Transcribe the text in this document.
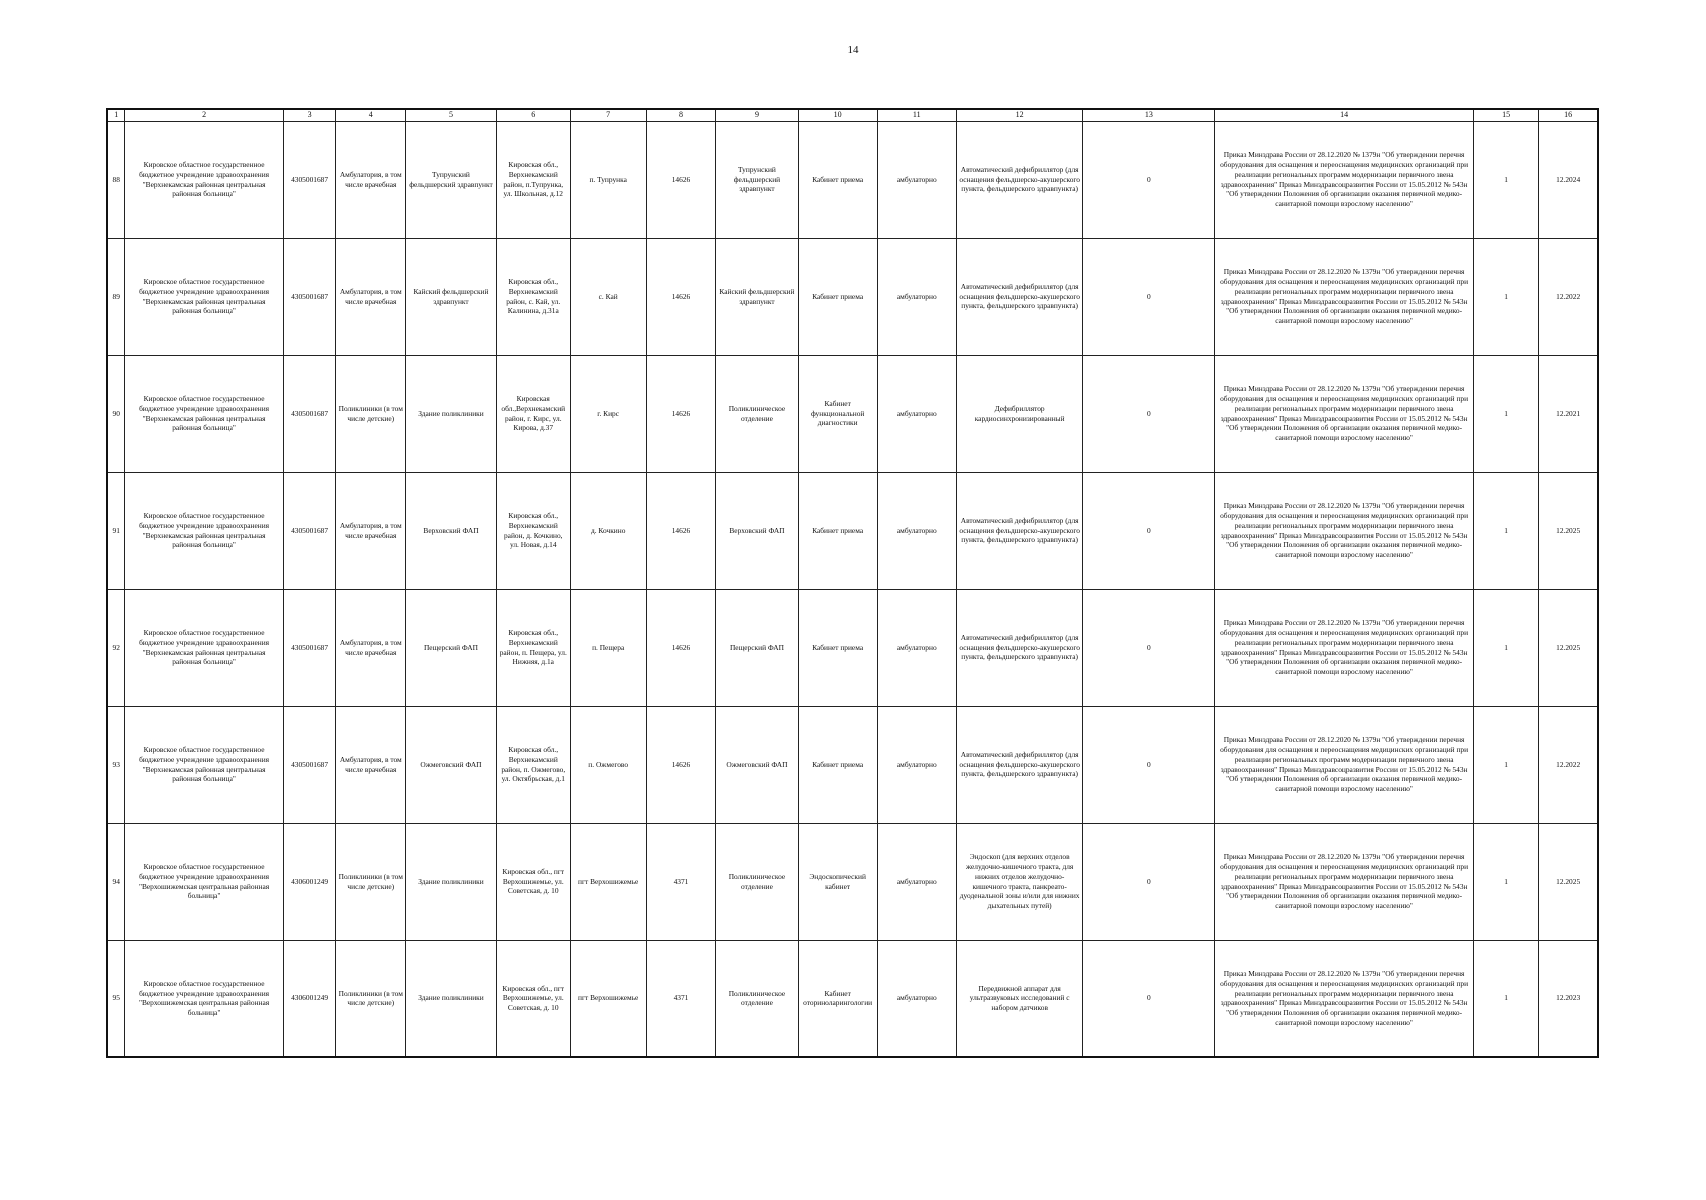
14
1	2	3	4	5	6	7	8	9	10	11	12	13	14	15	16
88	Кировское областное государственное бюджетное учреждение здравоохранения "Верхнекамская районная центральная районная больница"	4305001687	Амбулатория, в том числе врачебная	Тупрунский фельдшерский здравпункт	Кировская обл., Верхнекамский район, п.Тупрунка, ул. Школьная, д.12	п. Тупрунка	14626	Тупрунский фельдшерский здравпункт	Кабинет приема	амбулаторно	Автоматический дефибриллятор (для оснащения фельдшерско-акушерского пункта, фельдшерского здравпункта)	0	Приказ Минздрава России от 28.12.2020 № 1379н "Об утверждении перечня оборудования для оснащения и переоснащения медицинских организаций при реализации региональных программ модернизации первичного звена здравоохранения" Приказ Минздравсоцразвития России от 15.05.2012 № 543н "Об утверждении Положения об организации оказания первичной медико-санитарной помощи взрослому населению"	1	12.2024
89	Кировское областное государственное бюджетное учреждение здравоохранения "Верхнекамская районная центральная районная больница"	4305001687	Амбулатория, в том числе врачебная	Кайский фельдшерский здравпункт	Кировская обл., Верхнекамский район, с. Кай, ул. Калинина, д.31а	с. Кай	14626	Кайский фельдшерский здравпункт	Кабинет приема	амбулаторно	Автоматический дефибриллятор (для оснащения фельдшерско-акушерского пункта, фельдшерского здравпункта)	0	Приказ Минздрава России от 28.12.2020 № 1379н "Об утверждении перечня оборудования для оснащения и переоснащения медицинских организаций при реализации региональных программ модернизации первичного звена здравоохранения" Приказ Минздравсоцразвития России от 15.05.2012 № 543н "Об утверждении Положения об организации оказания первичной медико-санитарной помощи взрослому населению"	1	12.2022
90	Кировское областное государственное бюджетное учреждение здравоохранения "Верхнекамская районная центральная районная больница"	4305001687	Поликлиники (в том числе детские)	Здание поликлиники	Кировская обл.,Верхнекамский район, г. Кирс, ул. Кирова, д.37	г. Кирс	14626	Поликлиническое отделение	Кабинет функциональной диагностики	амбулаторно	Дефибриллятор кардиосинхронизированный	0	Приказ Минздрава России от 28.12.2020 № 1379н "Об утверждении перечня оборудования для оснащения и переоснащения медицинских организаций при реализации региональных программ модернизации первичного звена здравоохранения" Приказ Минздравсоцразвития России от 15.05.2012 № 543н "Об утверждении Положения об организации оказания первичной медико-санитарной помощи взрослому населению"	1	12.2021
91	Кировское областное государственное бюджетное учреждение здравоохранения "Верхнекамская районная центральная районная больница"	4305001687	Амбулатория, в том числе врачебная	Верховский ФАП	Кировская обл., Верхнекамский район, д. Кочкино, ул. Новая, д.14	д. Кочкино	14626	Верховский ФАП	Кабинет приема	амбулаторно	Автоматический дефибриллятор (для оснащения фельдшерско-акушерского пункта, фельдшерского здравпункта)	0	Приказ Минздрава России от 28.12.2020 № 1379н "Об утверждении перечня оборудования для оснащения и переоснащения медицинских организаций при реализации региональных программ модернизации первичного звена здравоохранения" Приказ Минздравсоцразвития России от 15.05.2012 № 543н "Об утверждении Положения об организации оказания первичной медико-санитарной помощи взрослому населению"	1	12.2025
92	Кировское областное государственное бюджетное учреждение здравоохранения "Верхнекамская районная центральная районная больница"	4305001687	Амбулатория, в том числе врачебная	Пещерский ФАП	Кировская обл., Верхнекамский район, п. Пещера, ул. Нижняя, д.1а	п. Пещера	14626	Пещерский ФАП	Кабинет приема	амбулаторно	Автоматический дефибриллятор (для оснащения фельдшерско-акушерского пункта, фельдшерского здравпункта)	0	Приказ Минздрава России от 28.12.2020 № 1379н "Об утверждении перечня оборудования для оснащения и переоснащения медицинских организаций при реализации региональных программ модернизации первичного звена здравоохранения" Приказ Минздравсоцразвития России от 15.05.2012 № 543н "Об утверждении Положения об организации оказания первичной медико-санитарной помощи взрослому населению"	1	12.2025
93	Кировское областное государственное бюджетное учреждение здравоохранения "Верхнекамская районная центральная районная больница"	4305001687	Амбулатория, в том числе врачебная	Ожмеговский ФАП	Кировская обл., Верхнекамский район, п. Ожмегово, ул. Октябрьская, д.1	п. Ожмегово	14626	Ожмеговский ФАП	Кабинет приема	амбулаторно	Автоматический дефибриллятор (для оснащения фельдшерско-акушерского пункта, фельдшерского здравпункта)	0	Приказ Минздрава России от 28.12.2020 № 1379н "Об утверждении перечня оборудования для оснащения и переоснащения медицинских организаций при реализации региональных программ модернизации первичного звена здравоохранения" Приказ Минздравсоцразвития России от 15.05.2012 № 543н "Об утверждении Положения об организации оказания первичной медико-санитарной помощи взрослому населению"	1	12.2022
94	Кировское областное государственное бюджетное учреждение здравоохранения "Верхошижемская центральная районная больница"	4306001249	Поликлиники (в том числе детские)	Здание поликлиники	Кировская обл., пгт Верхошижемье, ул. Советская, д. 10	пгт Верхошижемье	4371	Поликлиническое отделение	Эндоскопический кабинет	амбулаторно	Эндоскоп (для верхних отделов желудочно-кишечного тракта, для нижних отделов желудочно-кишечного тракта, панкреато-дуоденальной зоны и/или для нижних дыхательных путей)	0	Приказ Минздрава России от 28.12.2020 № 1379н "Об утверждении перечня оборудования для оснащения и переоснащения медицинских организаций при реализации региональных программ модернизации первичного звена здравоохранения" Приказ Минздравсоцразвития России от 15.05.2012 № 543н "Об утверждении Положения об организации оказания первичной медико-санитарной помощи взрослому населению"	1	12.2025
95	Кировское областное государственное бюджетное учреждение здравоохранения "Верхошижемская центральная районная больница"	4306001249	Поликлиники (в том числе детские)	Здание поликлиники	Кировская обл., пгт Верхошижемье, ул. Советская, д. 10	пгт Верхошижемье	4371	Поликлиническое отделение	Кабинет оториноларингологии	амбулаторно	Передвижной аппарат для ультразвуковых исследований с набором датчиков	0	Приказ Минздрава России от 28.12.2020 № 1379н "Об утверждении перечня оборудования для оснащения и переоснащения медицинских организаций при реализации региональных программ модернизации первичного звена здравоохранения" Приказ Минздравсоцразвития России от 15.05.2012 № 543н "Об утверждении Положения об организации оказания первичной медико-санитарной помощи взрослому населению"	1	12.2023
